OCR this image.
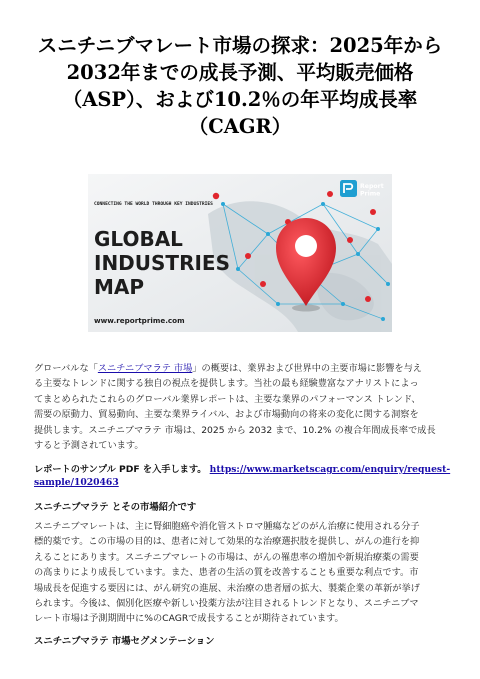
スニチニブマレート市場の探求：2025年から
2032年までの成長予測、平均販売価格
（ASP）、および10.2％の年平均成長率
（CAGR）
Report
Prime
CONNECTING THE WORLD THROUGH KEY INDUSTRIES
GLOBAL
INDUSTRIES
MAP
www.reportprime.com
グローバルな「スニチニブマラテ 市場」の概要は、業界および世界中の主要市場に影響を与え
る主要なトレンドに関する独自の視点を提供します。当社の最も経験豊富なアナリストによっ
てまとめられたこれらのグローバル業界レポートは、主要な業界のパフォーマンス トレンド、
需要の原動力、貿易動向、主要な業界ライバル、および市場動向の将来の変化に関する洞察を
提供します。スニチニブマラテ 市場は、2025 から 2032 まで、10.2% の複合年間成長率で成長
すると予測されています。
レポートのサンプル PDF を入手します。 https://www.marketscagr.com/enquiry/request-
sample/1020463
スニチニブマラテ とその市場紹介です
スニチニブマレートは、主に腎細胞癌や消化管ストロマ腫瘍などのがん治療に使用される分子
標的薬です。この市場の目的は、患者に対して効果的な治療選択肢を提供し、がんの進行を抑
えることにあります。スニチニブマレートの市場は、がんの罹患率の増加や新規治療薬の需要
の高まりにより成長しています。また、患者の生活の質を改善することも重要な利点です。市
場成長を促進する要因には、がん研究の進展、未治療の患者層の拡大、製薬企業の革新が挙げ
られます。今後は、個別化医療や新しい投薬方法が注目されるトレンドとなり、スニチニブマ
レート市場は予測期間中に%のCAGRで成長することが期待されています。
スニチニブマラテ 市場セグメンテーション
